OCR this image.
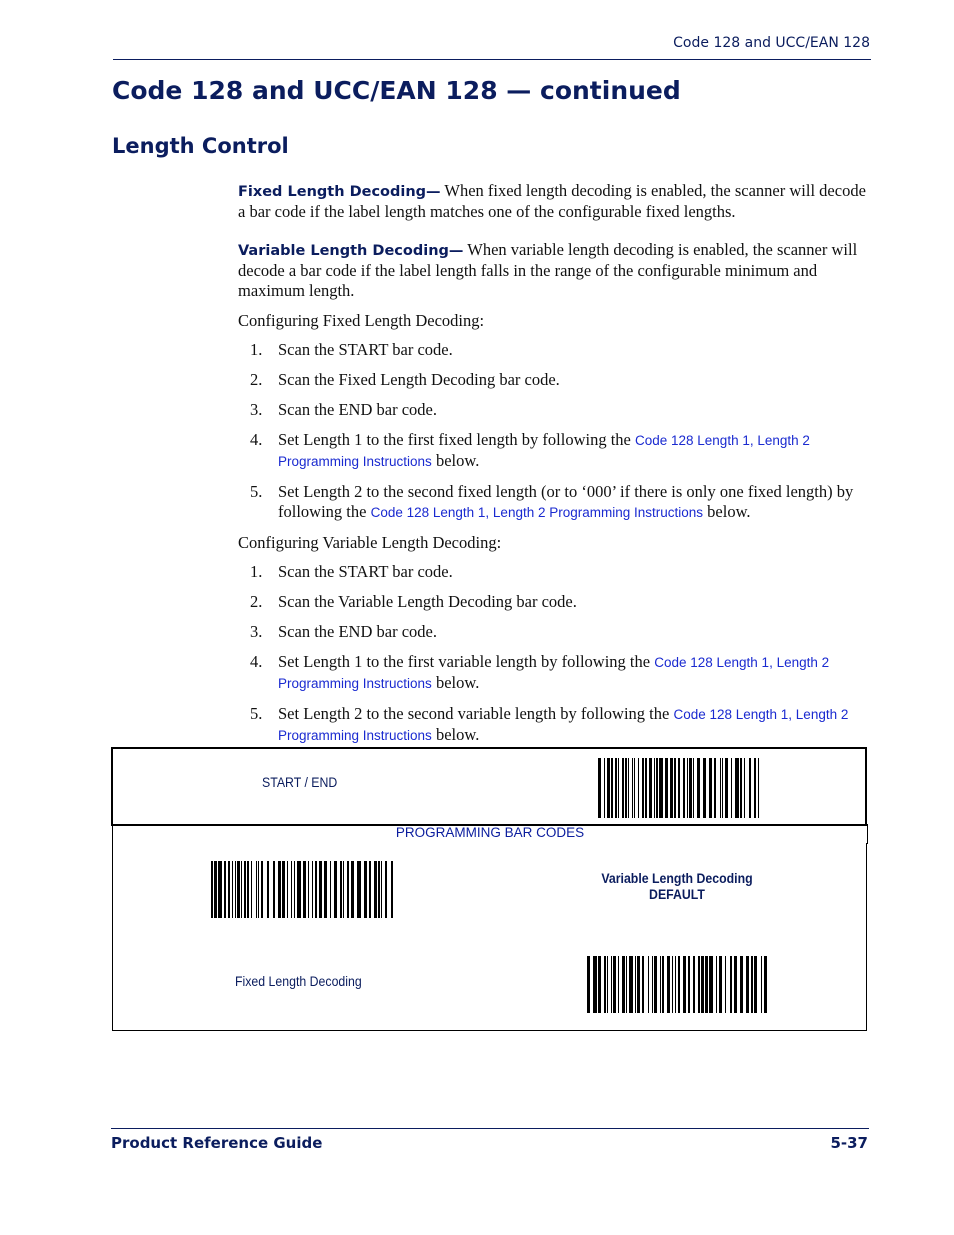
Code 128 and UCC/EAN 128
Code 128 and UCC/EAN 128 — continued
Length Control

Fixed Length Decoding— When fixed length decoding is enabled, the scanner will decode a bar code if the label length matches one of the configurable fixed lengths.

Variable Length Decoding— When variable length decoding is enabled, the scanner will decode a bar code if the label length falls in the range of the configurable minimum and maximum length.

Configuring Fixed Length Decoding:

1. Scan the START bar code.
2. Scan the Fixed Length Decoding bar code.
3. Scan the END bar code.
4. Set Length 1 to the first fixed length by following the Code 128 Length 1, Length 2 Programming Instructions below.
5. Set Length 2 to the second fixed length (or to ‘000’ if there is only one fixed length) by following the Code 128 Length 1, Length 2 Programming Instructions below.

Configuring Variable Length Decoding:

1. Scan the START bar code.
2. Scan the Variable Length Decoding bar code.
3. Scan the END bar code.
4. Set Length 1 to the first variable length by following the Code 128 Length 1, Length 2 Programming Instructions below.
5. Set Length 2 to the second variable length by following the Code 128 Length 1, Length 2 Programming Instructions below.
START / END
PROGRAMMING BAR CODES
Variable Length Decoding
DEFAULT
Fixed Length Decoding
Product Reference Guide	5-37
